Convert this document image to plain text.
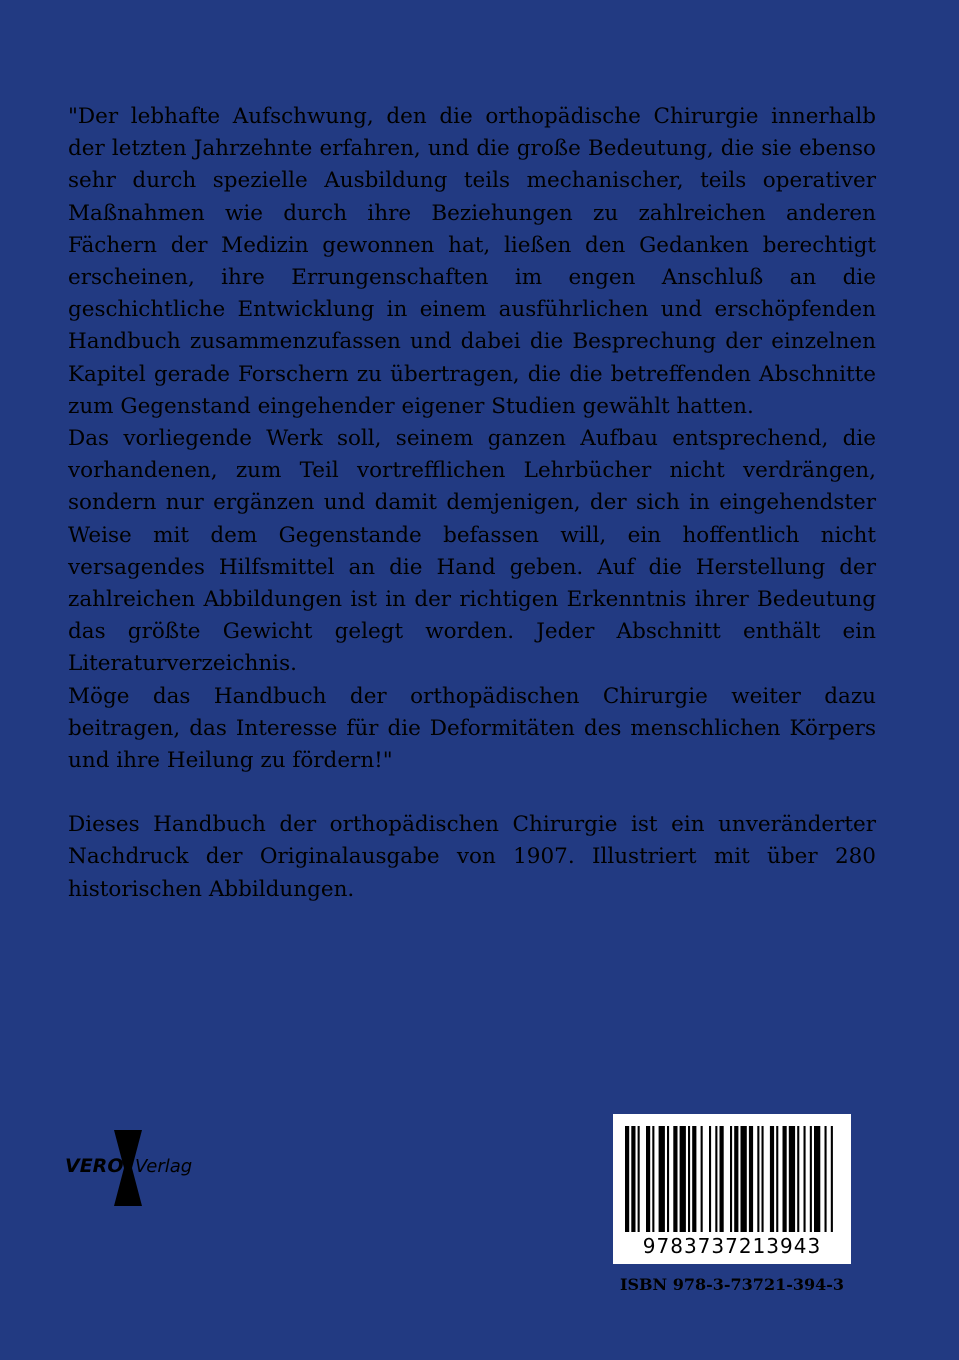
"Der lebhafte Aufschwung, den die orthopädische Chirurgie innerhalb der letzten Jahrzehnte erfahren, und die große Bedeutung, die sie ebenso sehr durch spezielle Ausbildung teils mechanischer, teils operativer Maßnahmen wie durch ihre Beziehungen zu zahlreichen anderen Fächern der Medizin gewonnen hat, ließen den Gedanken berechtigt erscheinen, ihre Errungenschaften im engen Anschluß an die geschichtliche Entwicklung in einem ausführlichen und erschöpfenden Handbuch zusammenzufassen und dabei die Besprechung der einzelnen Kapitel gerade Forschern zu übertragen, die die betreffenden Abschnitte zum Gegenstand eingehender eigener Studien gewählt hatten.

Das vorliegende Werk soll, seinem ganzen Aufbau entsprechend, die vorhandenen, zum Teil vortrefflichen Lehrbücher nicht verdrängen, sondern nur ergänzen und damit demjenigen, der sich in eingehendster Weise mit dem Gegenstande befassen will, ein hoffentlich nicht versagendes Hilfsmittel an die Hand geben. Auf die Herstellung der zahlreichen Abbildungen ist in der richtigen Erkenntnis ihrer Bedeutung das größte Gewicht gelegt worden. Jeder Abschnitt enthält ein Literaturverzeichnis.

Möge das Handbuch der orthopädischen Chirurgie weiter dazu beitragen, das Interesse für die Deformitäten des menschlichen Körpers und ihre Heilung zu fördern!"

Dieses Handbuch der orthopädischen Chirurgie ist ein unveränderter Nachdruck der Originalausgabe von 1907. Illustriert mit über 280 historischen Abbildungen.

VERO Verlag
9783737213943
ISBN 978-3-73721-394-3
